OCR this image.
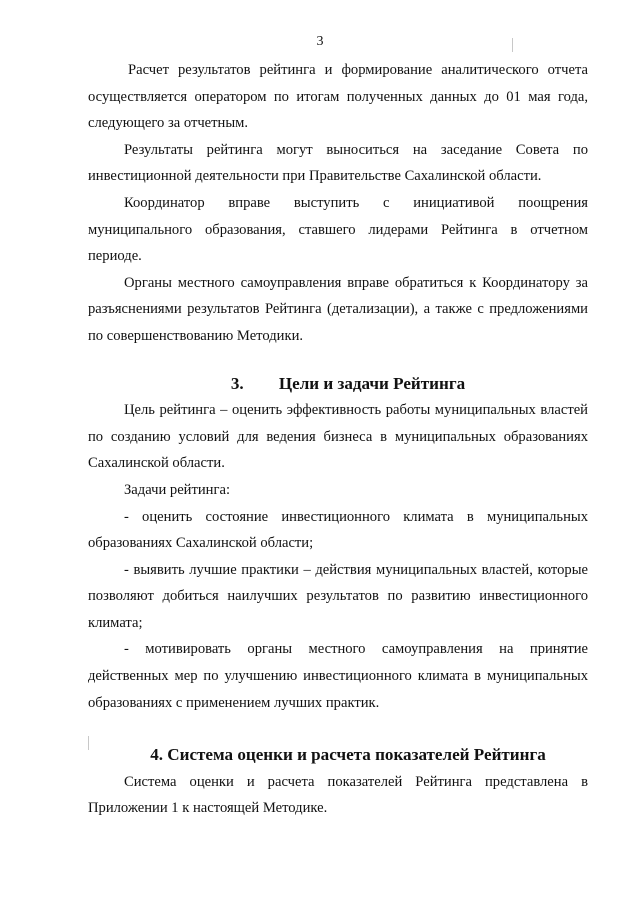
3

Расчет результатов рейтинга и формирование аналитического отчета осуществляется оператором по итогам полученных данных до 01 мая года, следующего за отчетным.

Результаты рейтинга могут выноситься на заседание Совета по инвестиционной деятельности при Правительстве Сахалинской области.

Координатор вправе выступить с инициативой поощрения муниципального образования, ставшего лидерами Рейтинга в отчетном периоде.

Органы местного самоуправления вправе обратиться к Координатору за разъяснениями результатов Рейтинга (детализации), а также с предложениями по совершенствованию Методики.

3. Цели и задачи Рейтинга

Цель рейтинга – оценить эффективность работы муниципальных властей по созданию условий для ведения бизнеса в муниципальных образованиях Сахалинской области.

Задачи рейтинга:

- оценить состояние инвестиционного климата в муниципальных образованиях Сахалинской области;

- выявить лучшие практики – действия муниципальных властей, которые позволяют добиться наилучших результатов по развитию инвестиционного климата;

- мотивировать органы местного самоуправления на принятие действенных мер по улучшению инвестиционного климата в муниципальных образованиях с применением лучших практик.

4. Система оценки и расчета показателей Рейтинга

Система оценки и расчета показателей Рейтинга представлена в Приложении 1 к настоящей Методике.
